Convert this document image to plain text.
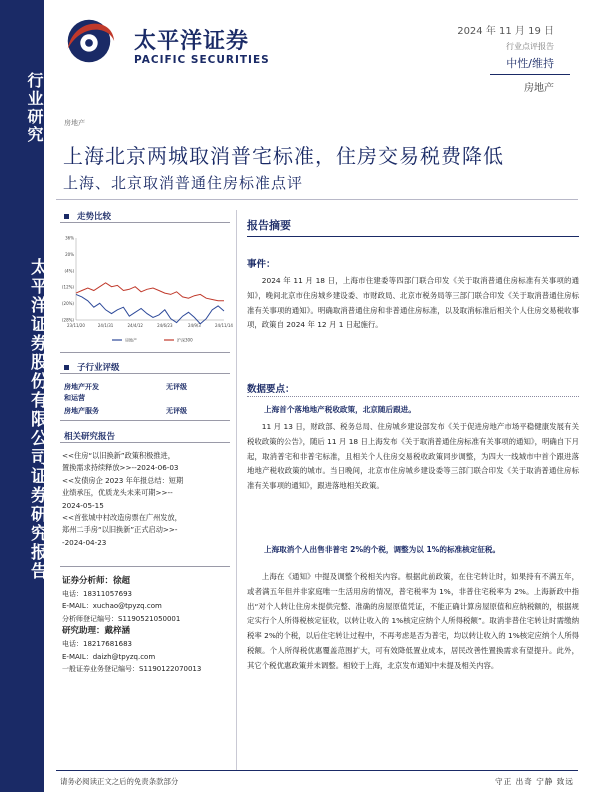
行业研究
太平洋证券股份有限公司证券研究报告
太平洋证券
PACIFIC SECURITIES
2024 年 11 月 19 日
行业点评报告
中性/维持
房地产
房地产
上海北京两城取消普宅标准，住房交易税费降低
上海、北京取消普通住房标准点评
走势比较
36%
20%
(4%)
(12%)
(20%)
(28%)
23/11/20	24/1/31	24/4/12	24/6/23	24/9/3	24/11/14
房地产	沪深300
子行业评级
房地产开发	无评级
和运营
房地产服务	无评级
相关研究报告
<<住房“以旧换新”政策积极推进，
置换需求持续释放>>--2024-06-03
<<发债房企 2023 年年报总结：短期
业绩承压，优质龙头未来可期>>--
2024-05-15
<<首张城中村改造房票在广州发放，
郑州二手房“以旧换新”正式启动>>-
-2024-04-23
证券分析师：徐超
电话：18311057693
E-MAIL：xuchao@tpyzq.com
分析师登记编号：S1190521050001
研究助理：戴梓涵
电话：18217681683
E-MAIL：daizh@tpyzq.com
一般证券业务登记编号：S1190122070013
报告摘要
事件：
2024 年 11 月 18 日，上海市住建委等四部门联合印发《关于取消普通住房标准有关事项的通知》，晚间北京市住房城乡建设委、市财政局、北京市税务局等三部门联合印发《关于取消普通住房标准有关事项的通知》。明确取消普通住房和非普通住房标准，以及取消标准后相关个人住房交易税收事项，政策自 2024 年 12 月 1 日起施行。
数据要点：
上海首个落地地产税收政策，北京随后跟进。
11 月 13 日，财政部、税务总局、住房城乡建设部发布《关于促进房地产市场平稳健康发展有关税收政策的公告》，随后 11 月 18 日上海发布《关于取消普通住房标准有关事项的通知》，明确自下月起，取消普宅和非普宅标准，且相关个人住房交易税收政策同步调整，为四大一线城市中首个跟进落地地产税收政策的城市。当日晚间，北京市住房城乡建设委等三部门联合印发《关于取消普通住房标准有关事项的通知》，跟进落地相关政策。
上海取消个人出售非普宅 2%的个税，调整为以 1%的标准核定征税。
上海在《通知》中提及调整个税相关内容。根据此前政策，在住宅转让时，如果持有不满五年，或者满五年但并非家庭唯一生活用房的情况，普宅税率为 1%，非普住宅税率为 2%。上海新政中指出“对个人转让住房未提供完整、准确的房屋原值凭证，不能正确计算房屋原值和应纳税额的，根据规定实行个人所得税核定征收，以转让收入的 1%核定应纳个人所得税额”。取消非普住宅转让时需缴纳税率 2%的个税，以后住宅转让过程中，不再考虑是否为普宅，均以转让收入的 1%核定应纳个人所得税额。个人所得税优惠覆盖范围扩大，可有效降低置业成本，居民改善性置换需求有望提升。此外，其它个税优惠政策并未调整。相较于上海，北京发布通知中未提及相关内容。
请务必阅读正文之后的免责条款部分	守正 出奇 宁静 致远
